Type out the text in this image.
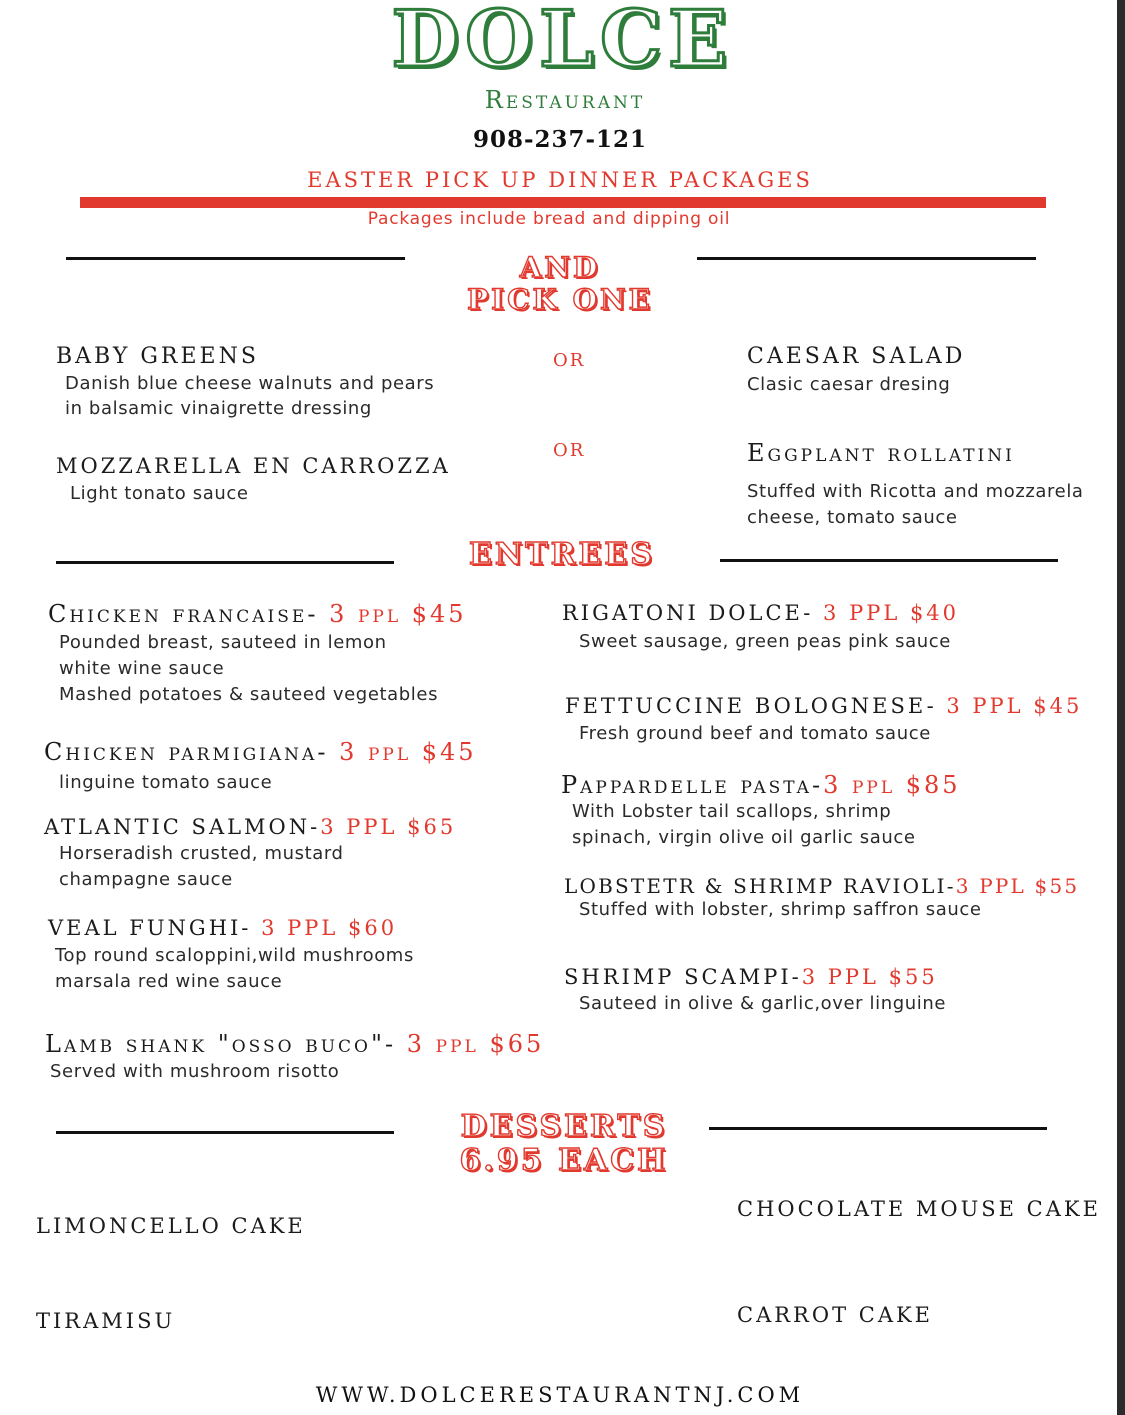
DOLCE
Restaurant
908-237-121
EASTER PICK UP DINNER PACKAGES
Packages include bread and dipping oil
AND
PICK ONE
BABY GREENS
Danish blue cheese walnuts and pears
in balsamic vinaigrette dressing
OR	CAESAR SALAD
Clasic caesar dresing
OR
MOZZARELLA EN CARROZZA
Light tonato sauce
Eggplant rollatini
Stuffed with Ricotta and mozzarela
cheese, tomato sauce
ENTREES
Chicken francaise- 3 ppl $45
Pounded breast, sauteed in lemon
white wine sauce
Mashed potatoes & sauteed vegetables
Chicken parmigiana- 3 ppl $45
linguine tomato sauce
ATLANTIC SALMON-3 PPL $65
Horseradish crusted, mustard
champagne sauce
VEAL FUNGHI- 3 PPL $60
Top round scaloppini,wild mushrooms
marsala red wine sauce
Lamb shank "osso buco"- 3 ppl $65
Served with mushroom risotto
RIGATONI DOLCE- 3 PPL $40
Sweet sausage, green peas pink sauce
FETTUCCINE BOLOGNESE- 3 PPL $45
Fresh ground beef and tomato sauce
Pappardelle pasta-3 ppl $85
With Lobster tail scallops, shrimp
spinach, virgin olive oil garlic sauce
LOBSTETR & SHRIMP RAVIOLI-3 PPL $55
Stuffed with lobster, shrimp saffron sauce
SHRIMP SCAMPI-3 PPL $55
Sauteed in olive & garlic,over linguine
DESSERTS
6.95 EACH
LIMONCELLO CAKE
CHOCOLATE MOUSE CAKE
TIRAMISU	CARROT CAKE
WWW.DOLCERESTAURANTNJ.COM
